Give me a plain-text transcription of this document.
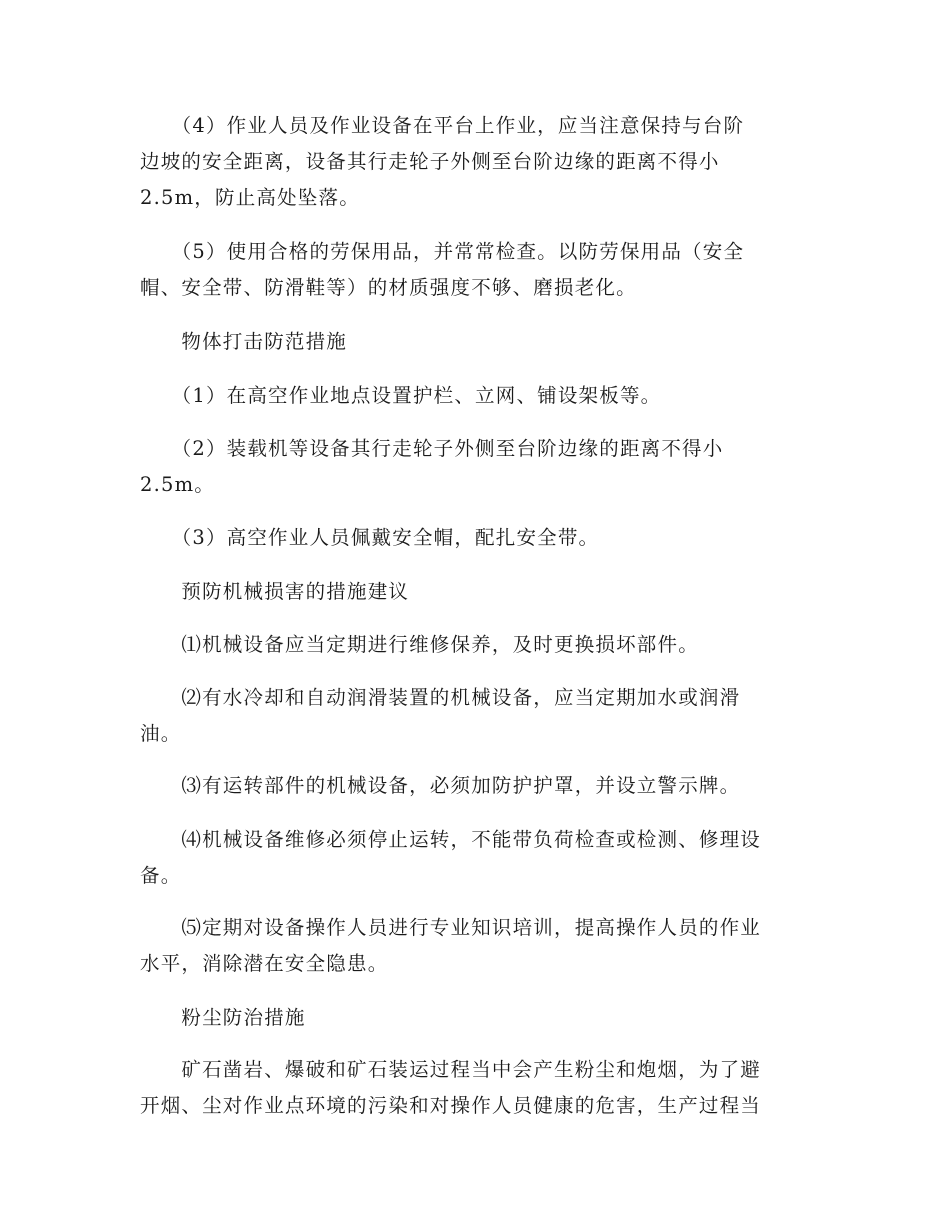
　　（4）作业人员及作业设备在平台上作业，应当注意保持与台阶
边坡的安全距离，设备其行走轮子外侧至台阶边缘的距离不得小
2.5m，防止高处坠落。

　　（5）使用合格的劳保用品，并常常检查。以防劳保用品（安全
帽、安全带、防滑鞋等）的材质强度不够、磨损老化。

　　物体打击防范措施

　　（1）在高空作业地点设置护栏、立网、铺设架板等。

　　（2）装载机等设备其行走轮子外侧至台阶边缘的距离不得小
2.5m。

　　（3）高空作业人员佩戴安全帽，配扎安全带。

　　预防机械损害的措施建议

　　⑴机械设备应当定期进行维修保养，及时更换损坏部件。

　　⑵有水冷却和自动润滑装置的机械设备，应当定期加水或润滑
油。

　　⑶有运转部件的机械设备，必须加防护护罩，并设立警示牌。

　　⑷机械设备维修必须停止运转，不能带负荷检查或检测、修理设
备。

　　⑸定期对设备操作人员进行专业知识培训，提高操作人员的作业
水平，消除潜在安全隐患。

　　粉尘防治措施

　　矿石凿岩、爆破和矿石装运过程当中会产生粉尘和炮烟，为了避
开烟、尘对作业点环境的污染和对操作人员健康的危害，生产过程当
